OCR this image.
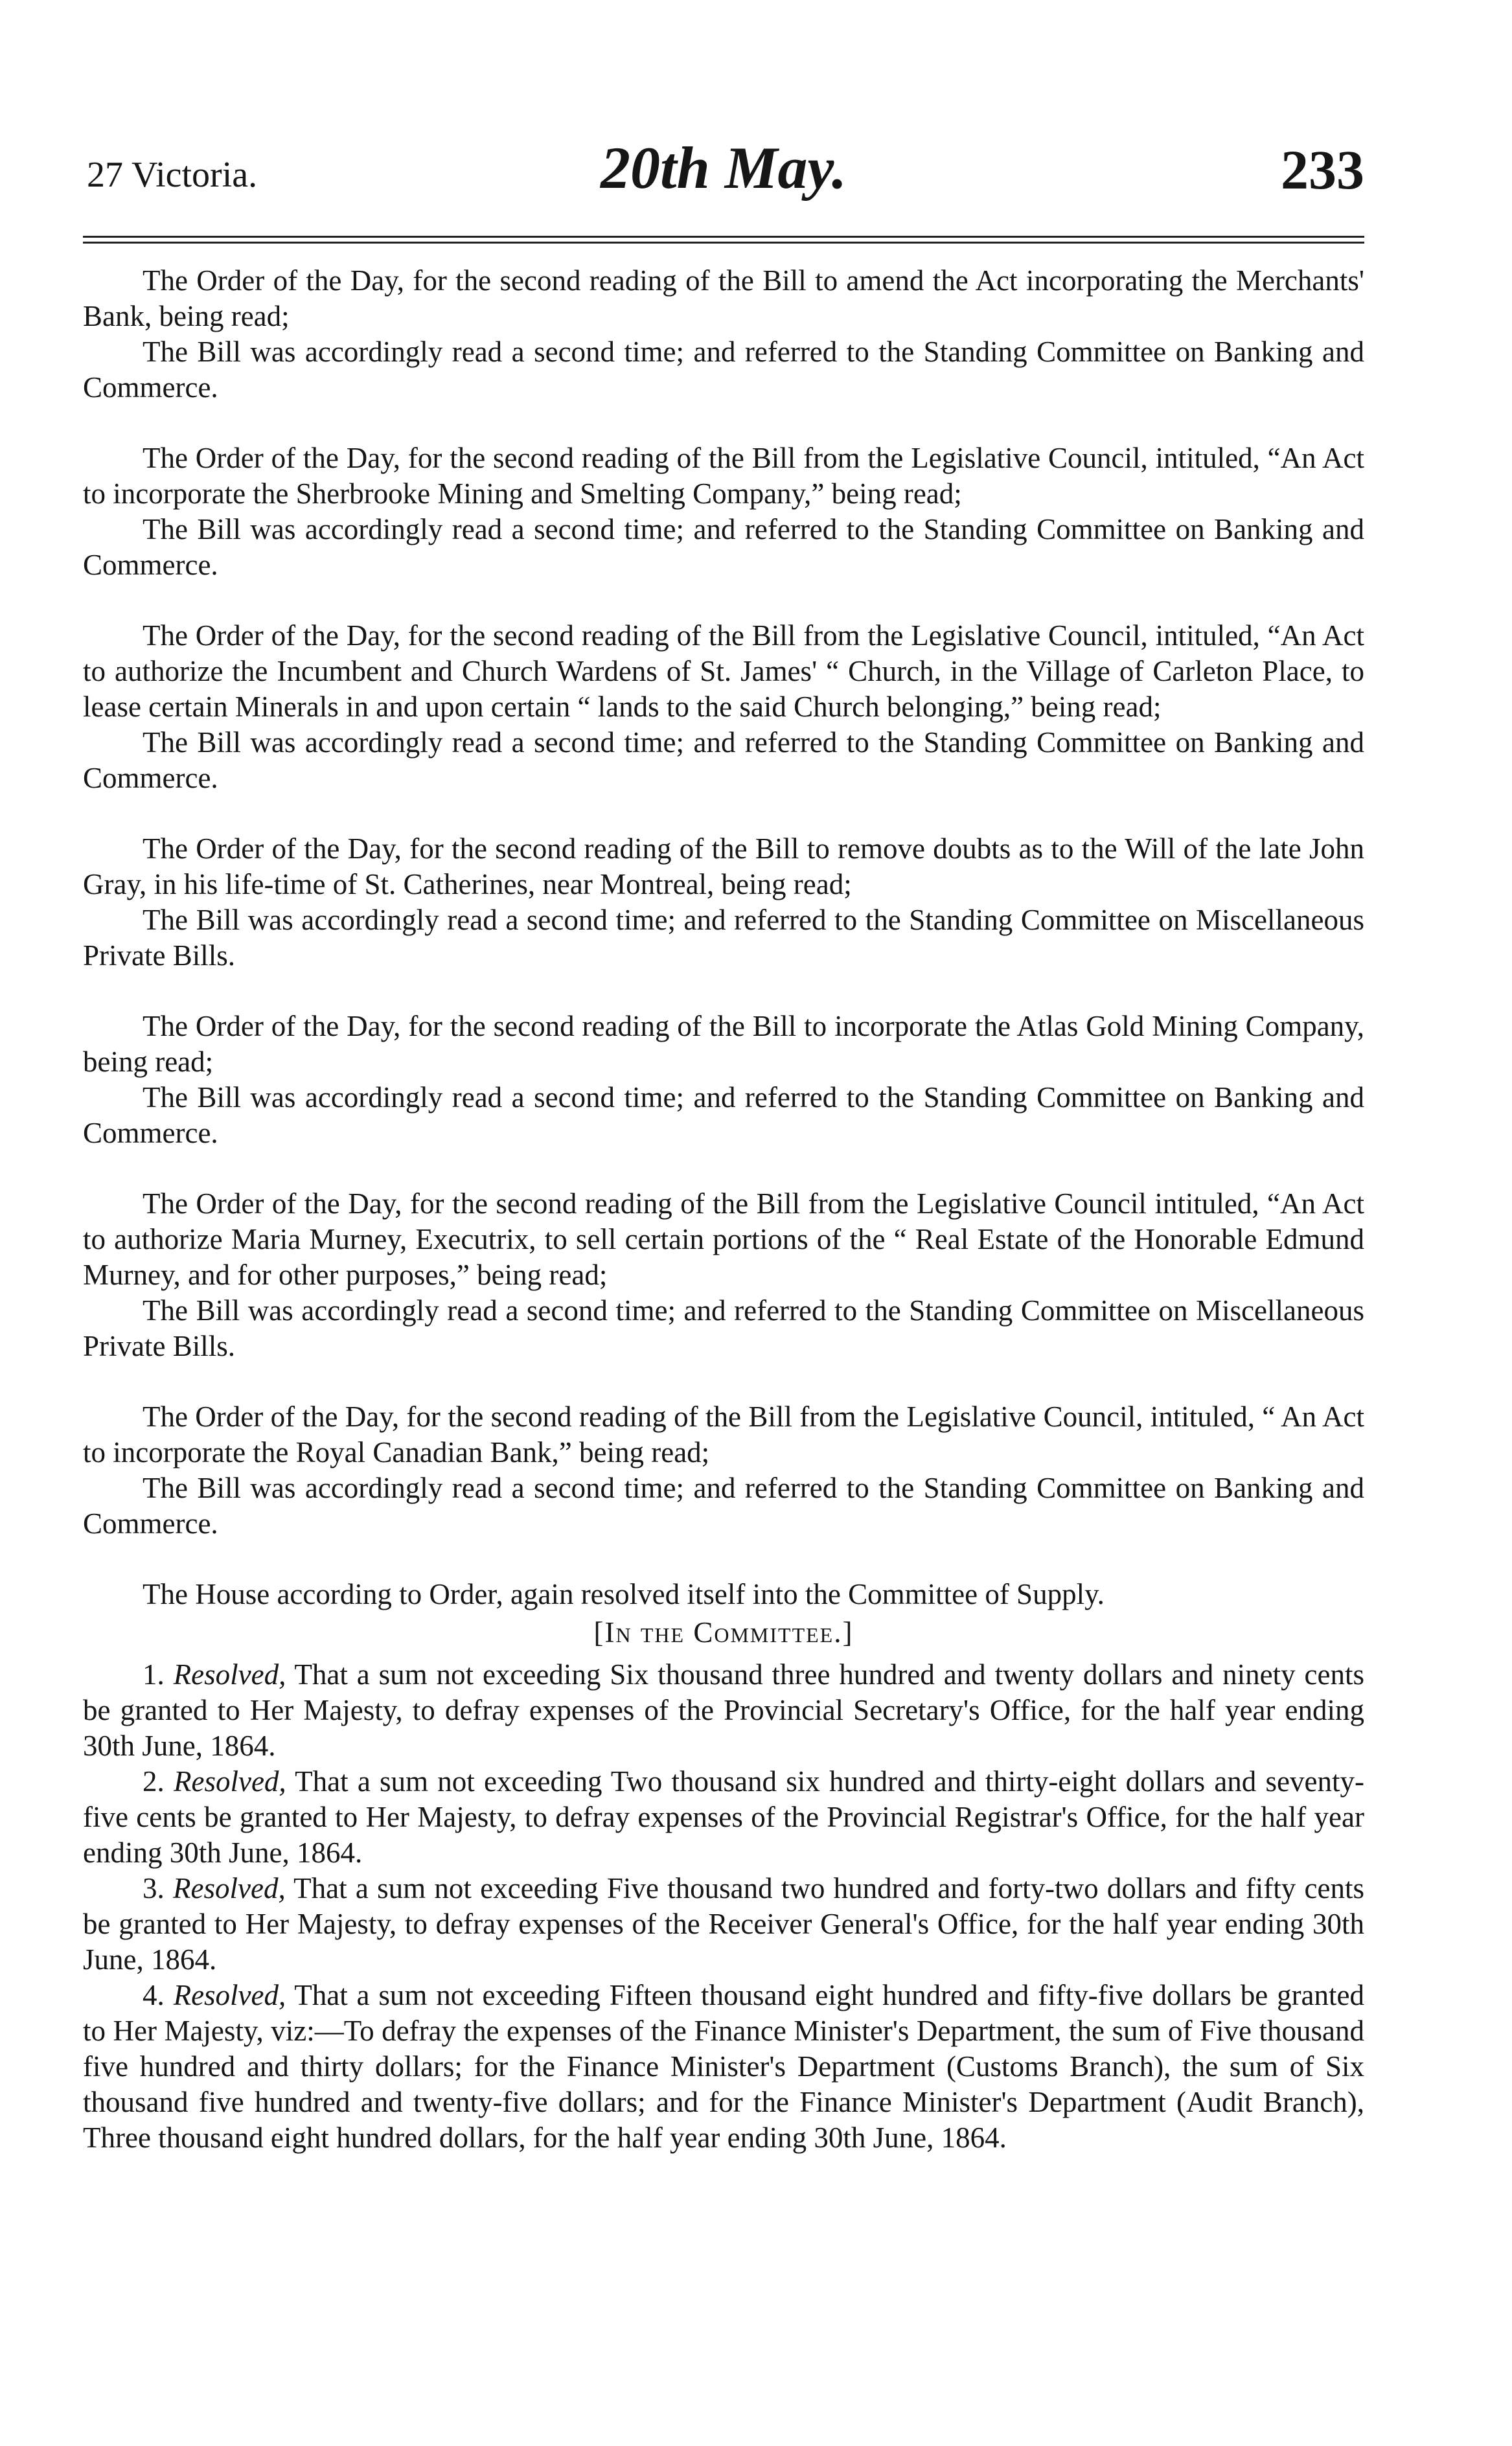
27 Victoria.	20th May.	233

The Order of the Day, for the second reading of the Bill to amend the Act incorporating the Merchants' Bank, being read;

The Bill was accordingly read a second time; and referred to the Standing Committee on Banking and Commerce.

The Order of the Day, for the second reading of the Bill from the Legislative Council, intituled, “An Act to incorporate the Sherbrooke Mining and Smelting Company,” being read;

The Bill was accordingly read a second time; and referred to the Standing Committee on Banking and Commerce.

The Order of the Day, for the second reading of the Bill from the Legislative Council, intituled, “An Act to authorize the Incumbent and Church Wardens of St. James' “ Church, in the Village of Carleton Place, to lease certain Minerals in and upon certain “ lands to the said Church belonging,” being read;

The Bill was accordingly read a second time; and referred to the Standing Committee on Banking and Commerce.

The Order of the Day, for the second reading of the Bill to remove doubts as to the Will of the late John Gray, in his life-time of St. Catherines, near Montreal, being read;

The Bill was accordingly read a second time; and referred to the Standing Committee on Miscellaneous Private Bills.

The Order of the Day, for the second reading of the Bill to incorporate the Atlas Gold Mining Company, being read;

The Bill was accordingly read a second time; and referred to the Standing Committee on Banking and Commerce.

The Order of the Day, for the second reading of the Bill from the Legislative Council intituled, “An Act to authorize Maria Murney, Executrix, to sell certain portions of the “ Real Estate of the Honorable Edmund Murney, and for other purposes,” being read;

The Bill was accordingly read a second time; and referred to the Standing Committee on Miscellaneous Private Bills.

The Order of the Day, for the second reading of the Bill from the Legislative Council, intituled, “ An Act to incorporate the Royal Canadian Bank,” being read;

The Bill was accordingly read a second time; and referred to the Standing Committee on Banking and Commerce.

The House according to Order, again resolved itself into the Committee of Supply.

[In the Committee.]

1. Resolved, That a sum not exceeding Six thousand three hundred and twenty dollars and ninety cents be granted to Her Majesty, to defray expenses of the Provincial Secretary's Office, for the half year ending 30th June, 1864.

2. Resolved, That a sum not exceeding Two thousand six hundred and thirty-eight dollars and seventy-five cents be granted to Her Majesty, to defray expenses of the Provincial Registrar's Office, for the half year ending 30th June, 1864.

3. Resolved, That a sum not exceeding Five thousand two hundred and forty-two dollars and fifty cents be granted to Her Majesty, to defray expenses of the Receiver General's Office, for the half year ending 30th June, 1864.

4. Resolved, That a sum not exceeding Fifteen thousand eight hundred and fifty-five dollars be granted to Her Majesty, viz:—To defray the expenses of the Finance Minister's Department, the sum of Five thousand five hundred and thirty dollars; for the Finance Minister's Department (Customs Branch), the sum of Six thousand five hundred and twenty-five dollars; and for the Finance Minister's Department (Audit Branch), Three thousand eight hundred dollars, for the half year ending 30th June, 1864.
